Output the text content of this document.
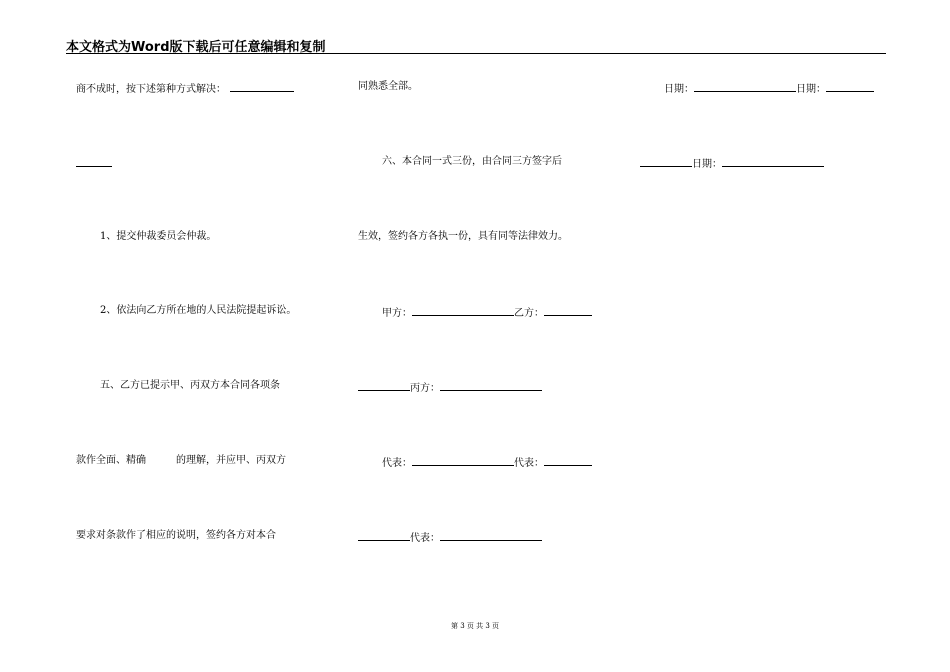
本文格式为Word版下载后可任意编辑和复制
商不成时，按下述第种方式解决：
1、提交仲裁委员会仲裁。
2、依法向乙方所在地的人民法院提起诉讼。
五、乙方已提示甲、丙双方本合同各项条
款作全面、精确	的理解，并应甲、丙双方
要求对条款作了相应的说明，签约各方对本合
同熟悉全部。
六、本合同一式三份，由合同三方签字后
生效，签约各方各执一份，具有同等法律效力。
甲方：	乙方：
丙方：
代表：	代表：
代表：
日期：	日期：
日期：
第 3 页 共 3 页
